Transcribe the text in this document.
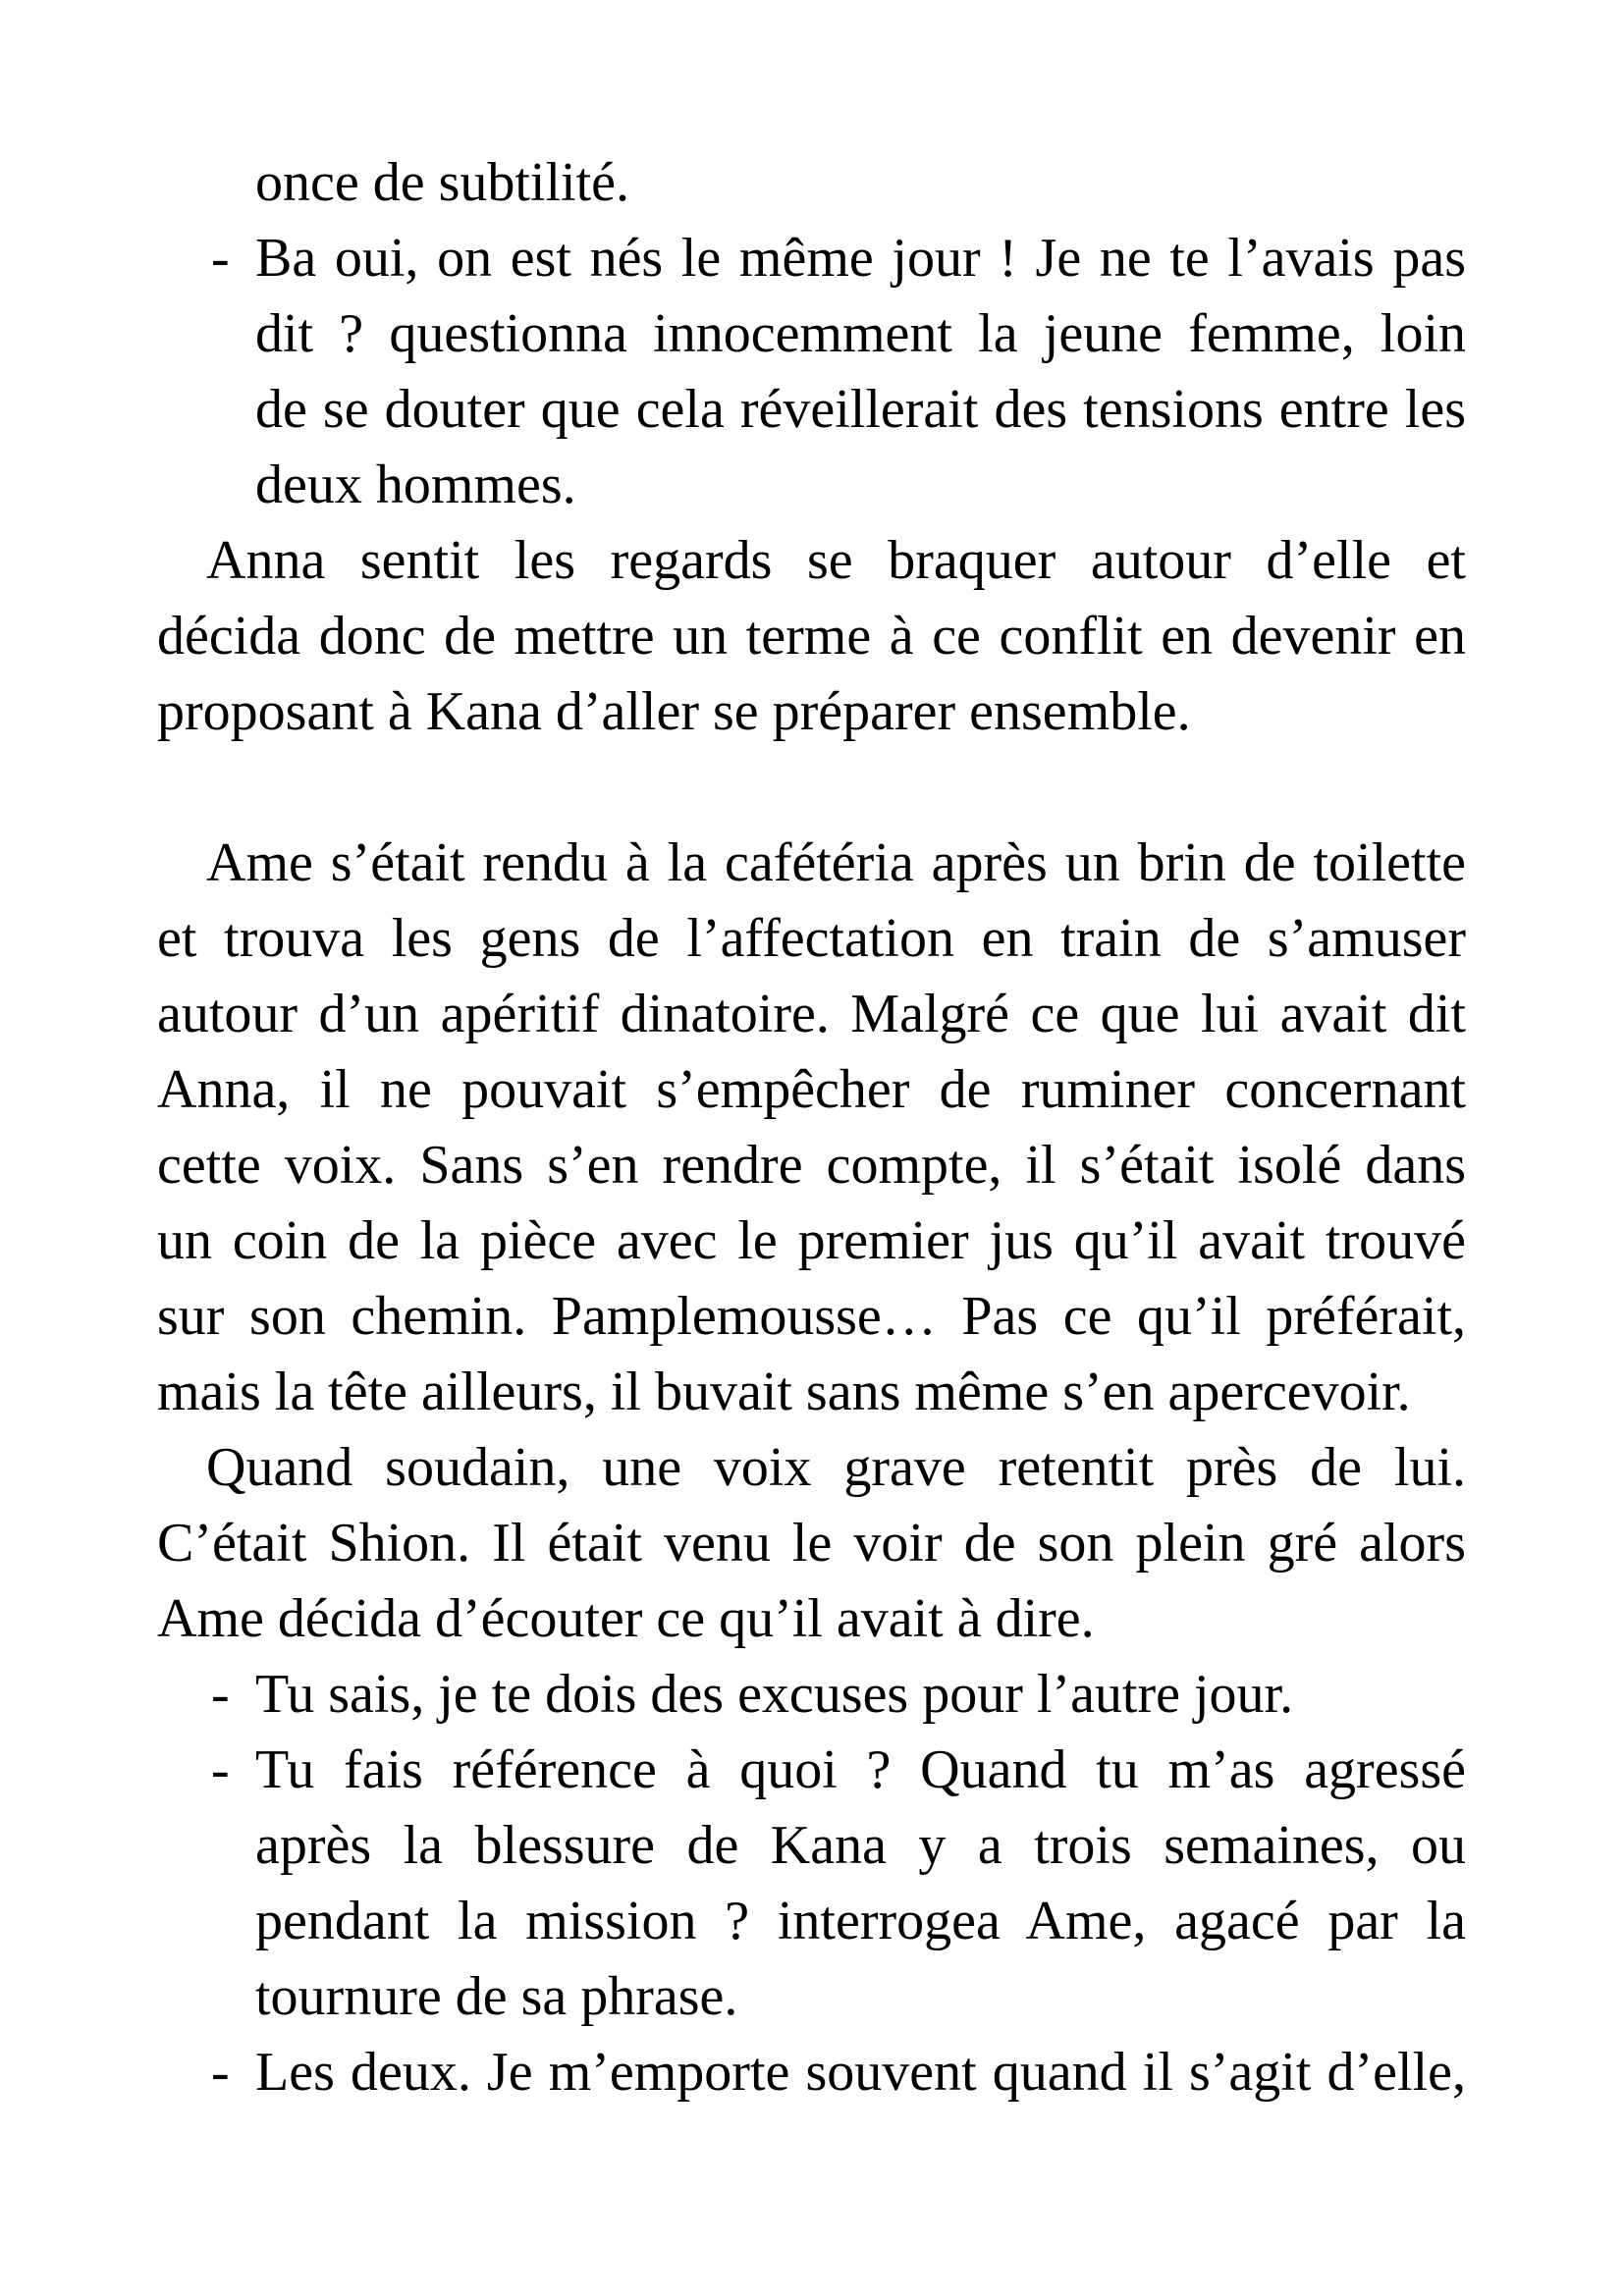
once de subtilité.
- Ba oui, on est nés le même jour ! Je ne te l’avais pas
dit ? questionna innocemment la jeune femme, loin
de se douter que cela réveillerait des tensions entre les
deux hommes.
Anna sentit les regards se braquer autour d’elle et
décida donc de mettre un terme à ce conflit en devenir en
proposant à Kana d’aller se préparer ensemble.
Ame s’était rendu à la cafétéria après un brin de toilette
et trouva les gens de l’affectation en train de s’amuser
autour d’un apéritif dinatoire. Malgré ce que lui avait dit
Anna, il ne pouvait s’empêcher de ruminer concernant
cette voix. Sans s’en rendre compte, il s’était isolé dans
un coin de la pièce avec le premier jus qu’il avait trouvé
sur son chemin. Pamplemousse… Pas ce qu’il préférait,
mais la tête ailleurs, il buvait sans même s’en apercevoir.
Quand soudain, une voix grave retentit près de lui.
C’était Shion. Il était venu le voir de son plein gré alors
Ame décida d’écouter ce qu’il avait à dire.
- Tu sais, je te dois des excuses pour l’autre jour.
- Tu fais référence à quoi ? Quand tu m’as agressé
après la blessure de Kana y a trois semaines, ou
pendant la mission ? interrogea Ame, agacé par la
tournure de sa phrase.
- Les deux. Je m’emporte souvent quand il s’agit d’elle,
